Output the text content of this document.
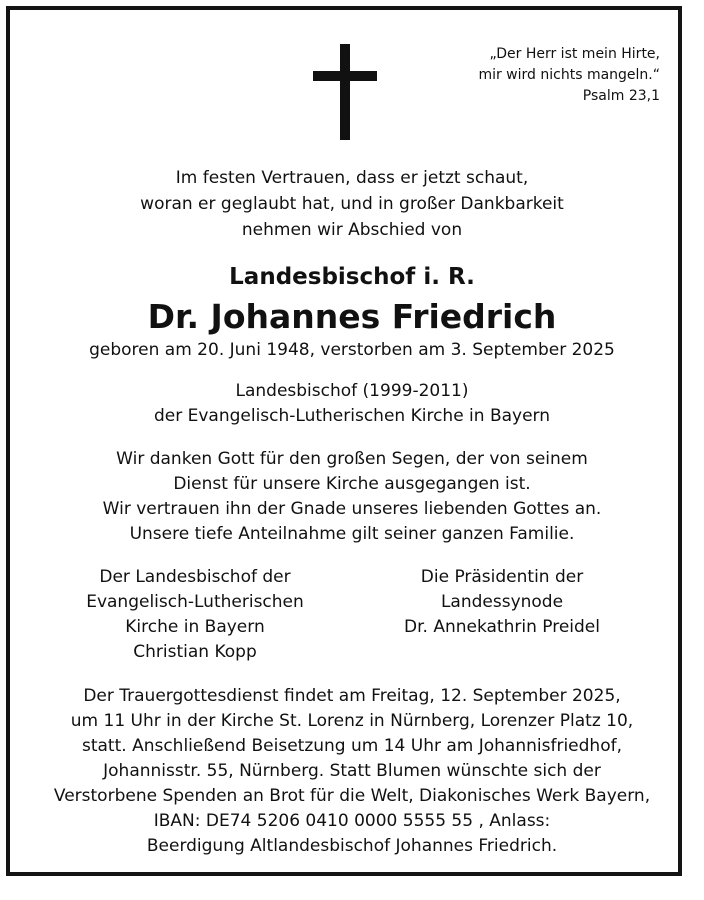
„Der Herr ist mein Hirte,
mir wird nichts mangeln.“
Psalm 23,1
Im festen Vertrauen, dass er jetzt schaut,
woran er geglaubt hat, und in großer Dankbarkeit
nehmen wir Abschied von
Landesbischof i. R.
Dr. Johannes Friedrich
geboren am 20. Juni 1948, verstorben am 3. September 2025
Landesbischof (1999-2011)
der Evangelisch-Lutherischen Kirche in Bayern
Wir danken Gott für den großen Segen, der von seinem
Dienst für unsere Kirche ausgegangen ist.
Wir vertrauen ihn der Gnade unseres liebenden Gottes an.
Unsere tiefe Anteilnahme gilt seiner ganzen Familie.
Der Landesbischof der
Evangelisch-Lutherischen
Kirche in Bayern
Christian Kopp
Die Präsidentin der
Landessynode
Dr. Annekathrin Preidel
Der Trauergottesdienst findet am Freitag, 12. September 2025,
um 11 Uhr in der Kirche St. Lorenz in Nürnberg, Lorenzer Platz 10,
statt. Anschließend Beisetzung um 14 Uhr am Johannisfriedhof,
Johannisstr. 55, Nürnberg. Statt Blumen wünschte sich der
Verstorbene Spenden an Brot für die Welt, Diakonisches Werk Bayern,
IBAN: DE74 5206 0410 0000 5555 55 , Anlass:
Beerdigung Altlandesbischof Johannes Friedrich.
